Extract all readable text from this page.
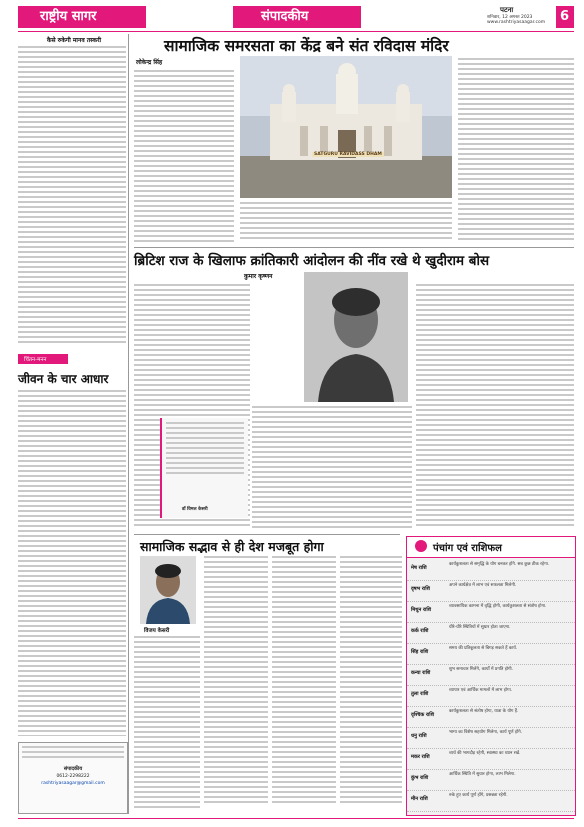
राष्ट्रीय सागर	संपादकीय	पटना
शनिवार, 12 अगस्त 2023
www.rashtriyasaagar.com 6
कैसे रुकेगी मानव तस्करी
चिंतन-मनन
जीवन के चार आधार
संपादकीय
0612-2298222
rashtriyasaagar@gmail.com
सामाजिक समरसता का केंद्र बने संत रविदास मंदिर
लोकेन्द्र सिंह
SATGURU RAVIDASS DHAM
ब्रिटिश राज के खिलाफ क्रांतिकारी आंदोलन की नींव रखे थे खुदीराम बोस
कुमार कृष्णन
डॉ विमल केसरी
सामाजिक सद्भाव से ही देश मजबूत होगा
विजय केसरी
पंचांग एवं राशिफल
मेष राशि
कार्यकुशलता से समृद्धि के योग बनकर होंगे. सब कुछ ठीक रहेगा.
वृषभ राशि
अपने कार्यक्षेत्र में लाभ एवं सफलता मिलेगी.
मिथुन राशि
व्यावसायिक कामना में वृद्धि होगी, कार्यकुशलता से संतोष होगा.
कर्क राशि
धीरे-धीरे स्थितियों में सुधार होता जाएगा.
सिंह राशि
समय की प्रतिकूलता से बिगड़ सकते हैं कार्य.
कन्या राशि
शुभ समाचार मिलेंगे, कार्यों में प्रगति होगी.
तुला राशि
व्यापार एवं आर्थिक मामलों में लाभ होगा.
वृश्चिक राशि
कार्यकुशलता से संतोष होगा, यात्रा के योग हैं.
धनु राशि
भाग्य का विशेष सहयोग मिलेगा, कार्य पूर्ण होंगे.
मकर राशि
व्यर्थ की भागदौड़ रहेगी, स्वास्थ्य का ध्यान रखें.
कुंभ राशि
आर्थिक स्थिति में सुधार होगा, लाभ मिलेगा.
मीन राशि
रुके हुए कार्य पूर्ण होंगे, प्रसन्नता रहेगी.
